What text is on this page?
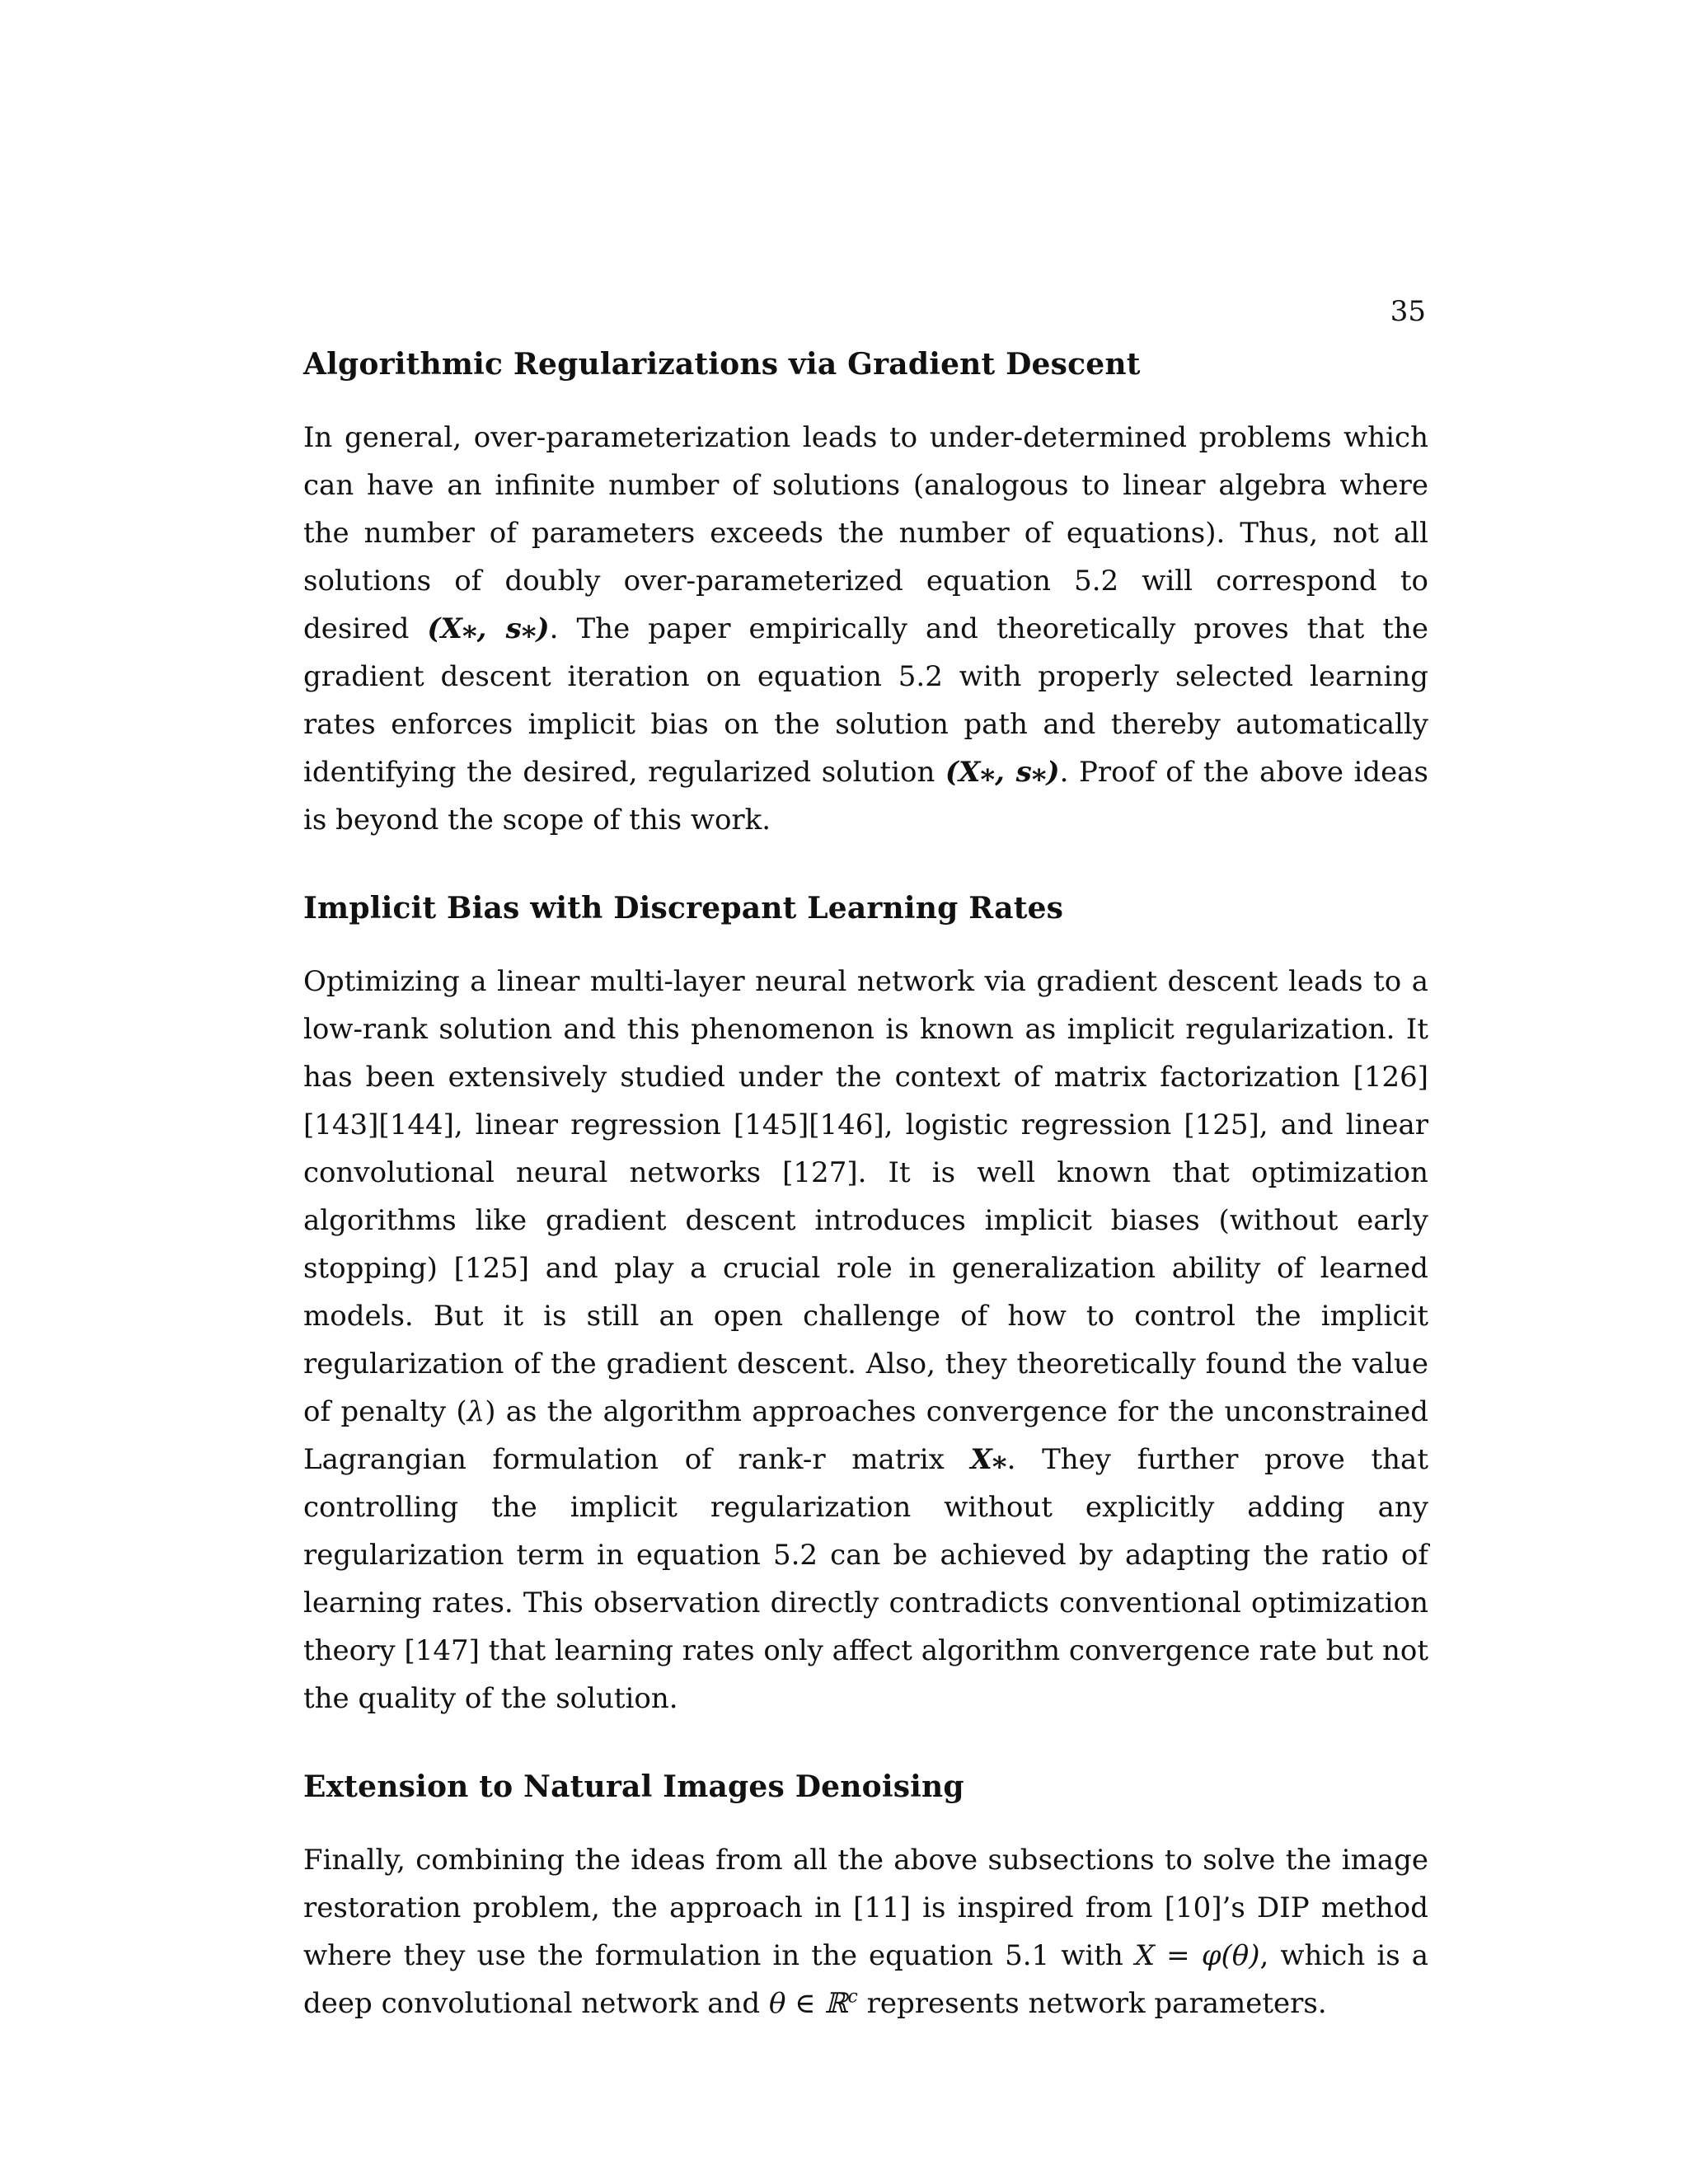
35
Algorithmic Regularizations via Gradient Descent

In general, over-parameterization leads to under-determined problems which can have an infinite number of solutions (analogous to linear algebra where the number of parameters exceeds the number of equations). Thus, not all solutions of doubly over-parameterized equation 5.2 will correspond to desired (X⁎, s⁎). The paper empirically and theoretically proves that the gradient descent iteration on equation 5.2 with properly selected learning rates enforces implicit bias on the solution path and thereby automatically identifying the desired, regularized solution (X⁎, s⁎). Proof of the above ideas is beyond the scope of this work.

Implicit Bias with Discrepant Learning Rates

Optimizing a linear multi-layer neural network via gradient descent leads to a low-rank solution and this phenomenon is known as implicit regularization. It has been extensively studied under the context of matrix factorization [126][143][144], linear regression [145][146], logistic regression [125], and linear convolutional neural networks [127]. It is well known that optimization algorithms like gradient descent introduces implicit biases (without early stopping) [125] and play a crucial role in generalization ability of learned models. But it is still an open challenge of how to control the implicit regularization of the gradient descent. Also, they theoretically found the value of penalty (λ) as the algorithm approaches convergence for the unconstrained Lagrangian formulation of rank-r matrix X⁎. They further prove that controlling the implicit regularization without explicitly adding any regularization term in equation 5.2 can be achieved by adapting the ratio of learning rates. This observation directly contradicts conventional optimization theory [147] that learning rates only affect algorithm convergence rate but not the quality of the solution.

Extension to Natural Images Denoising

Finally, combining the ideas from all the above subsections to solve the image restoration problem, the approach in [11] is inspired from [10]’s DIP method where they use the formulation in the equation 5.1 with X = φ(θ), which is a deep convolutional network and θ ∈ ℝ$^c$ represents network parameters.
